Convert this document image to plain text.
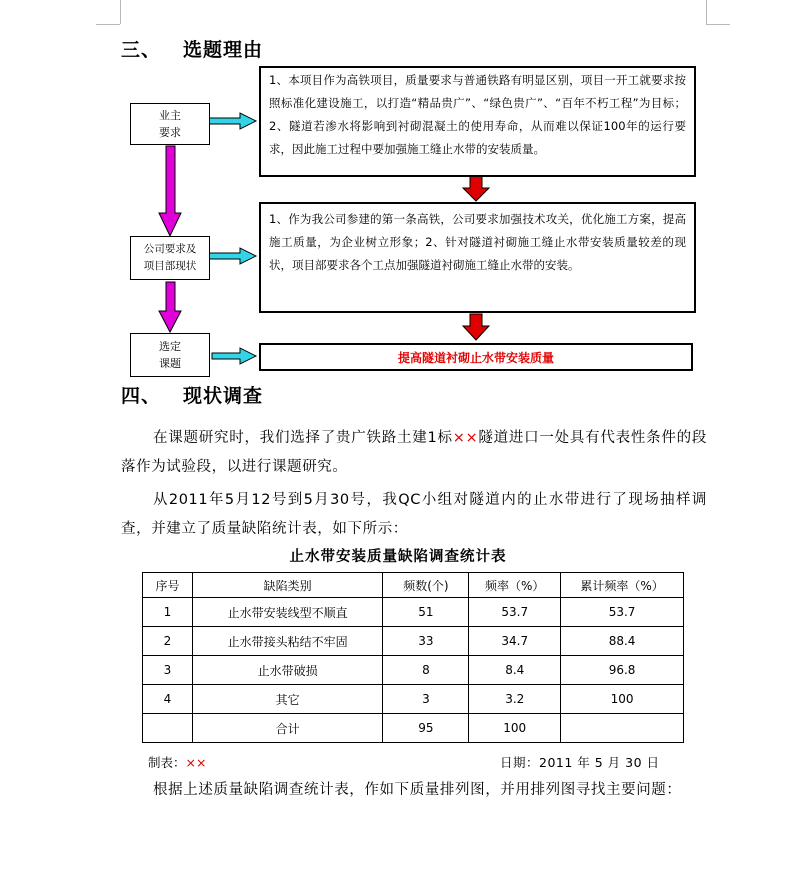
三、 选题理由
业主
要求
公司要求及
项目部现状
选定
课题
1、本项目作为高铁项目，质量要求与普通铁路有明显区别，项目一开工就要求按照标准化建设施工，以打造“精品贵广”、“绿色贵广”、“百年不朽工程”为目标；2、隧道若渗水将影响到衬砌混凝土的使用寿命，从而难以保证100年的运行要求，因此施工过程中要加强施工缝止水带的安装质量。
1、作为我公司参建的第一条高铁，公司要求加强技术攻关，优化施工方案，提高施工质量，为企业树立形象；2、针对隧道衬砌施工缝止水带安装质量较差的现状，项目部要求各个工点加强隧道衬砌施工缝止水带的安装。
提高隧道衬砌止水带安装质量
四、 现状调查
在课题研究时，我们选择了贵广铁路土建1标××隧道进口一处具有代表性条件的段落作为试验段，以进行课题研究。
从2011年5月12号到5月30号，我QC小组对隧道内的止水带进行了现场抽样调查，并建立了质量缺陷统计表，如下所示：
止水带安装质量缺陷调查统计表
序号	缺陷类别	频数(个)	频率（%）	累计频率（%）
1	止水带安装线型不顺直	51	53.7	53.7
2	止水带接头粘结不牢固	33	34.7	88.4
3	止水带破损	8	8.4	96.8
4	其它	3	3.2	100
	合计	95	100	
制表：××	日期：2011 年 5 月 30 日
根据上述质量缺陷调查统计表，作如下质量排列图，并用排列图寻找主要问题：
